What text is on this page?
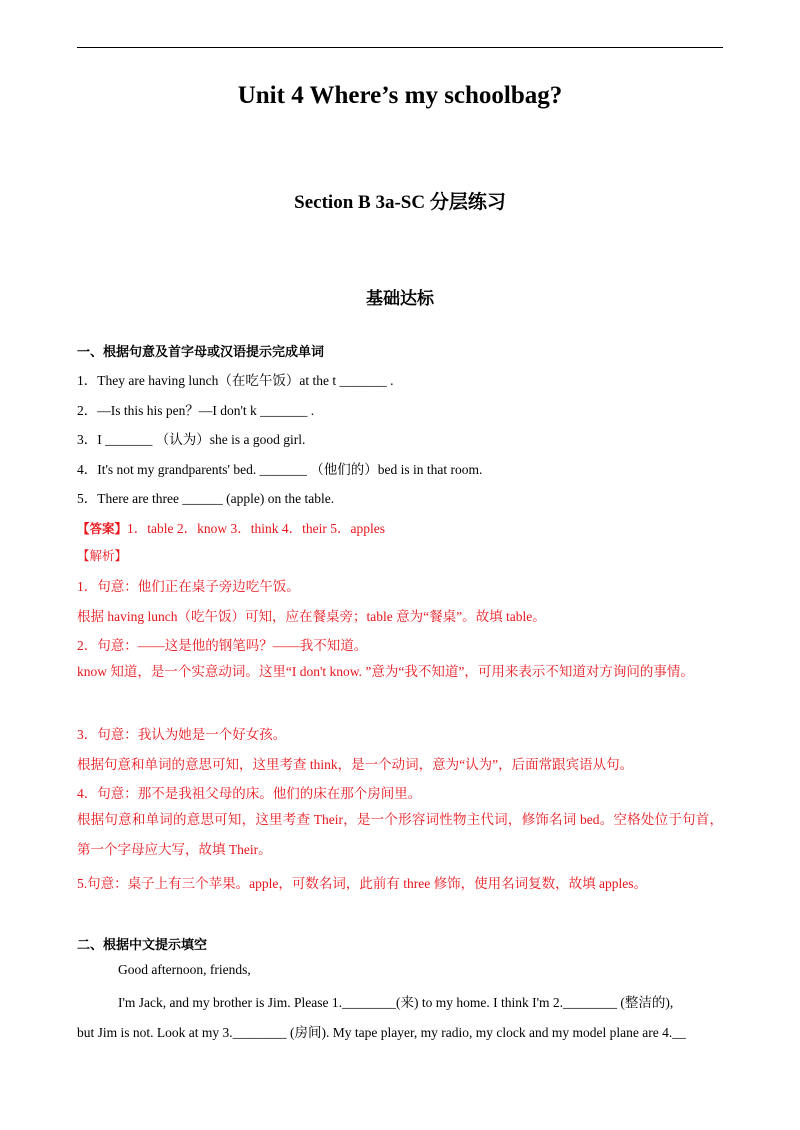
Unit 4 Where’s my schoolbag?
Section B 3a-SC 分层练习
基础达标
一、根据句意及首字母或汉语提示完成单词
1．They are having lunch（在吃午饭）at the t _______ .
2．—Is this his pen？—I don't k _______ .
3．I _______ （认为）she is a good girl.
4．It's not my grandparents' bed. _______ （他们的）bed is in that room.
5．There are three ______ (apple) on the table.
【答案】1．table 2．know 3．think 4．their 5．apples
【解析】
1．句意：他们正在桌子旁边吃午饭。
根据 having lunch（吃午饭）可知，应在餐桌旁；table 意为“餐桌”。故填 table。
2．句意：——这是他的钢笔吗？——我不知道。
know 知道，是一个实意动词。这里“I don't know. ”意为“我不知道”，可用来表示不知道对方询问的事情。
3．句意：我认为她是一个好女孩。
根据句意和单词的意思可知，这里考查 think，是一个动词，意为“认为”，后面常跟宾语从句。
4．句意：那不是我祖父母的床。他们的床在那个房间里。
根据句意和单词的意思可知，这里考查 Their，是一个形容词性物主代词，修饰名词 bed。空格处位于句首，第一个字母应大写，故填 Their。
5.句意：桌子上有三个苹果。apple，可数名词，此前有 three 修饰，使用名词复数，故填 apples。
二、根据中文提示填空
Good afternoon, friends,
I'm Jack, and my brother is Jim. Please 1.________(来) to my home. I think I'm 2.________ (整洁的),
but Jim is not. Look at my 3.________ (房间). My tape player, my radio, my clock and my model plane are 4.__
